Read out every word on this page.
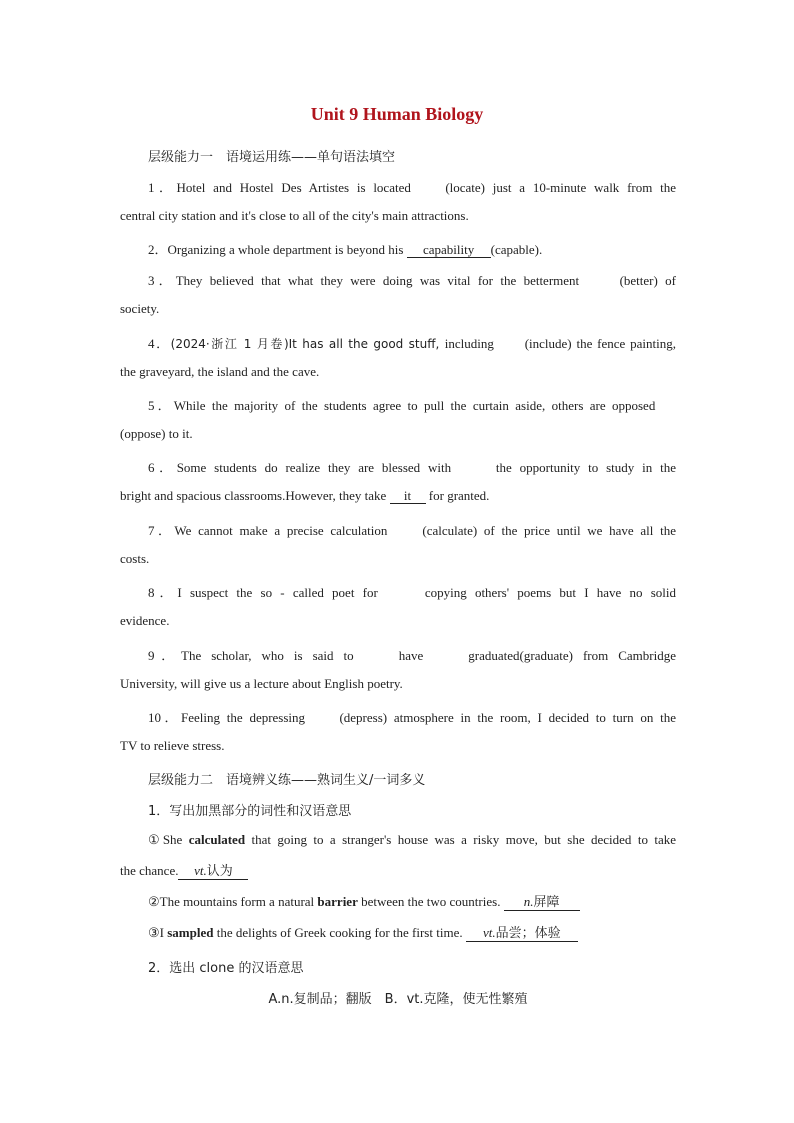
Unit 9 Human Biology
层级能力一　语境运用练——单句语法填空
1．Hotel and Hostel Des Artistes is located	(locate) just a 10-minute walk from the
central city station and it's close to all of the city's main attractions.
2．Organizing a whole department is beyond his capability (capable).
3．They believed that what they were doing was vital for the betterment	(better) of
society.
4．(2024·浙江 1 月卷)It has all the good stuff, including (include) the fence painting,
the graveyard, the island and the cave.
5．While the majority of the students agree to pull the curtain aside, others are opposed
(oppose) to it.
6．Some students do realize they are blessed with	the opportunity to study in the
bright and spacious classrooms.However, they take it for granted.
7．We cannot make a precise calculation	(calculate) of the price until we have all the
costs.
8．I suspect the so - called poet for	copying others' poems but I have no solid
evidence.
9．The scholar, who is said to　have　graduated(graduate) from Cambridge
University, will give us a lecture about English poetry.
10．Feeling the depressing	(depress) atmosphere in the room, I decided to turn on the
TV to relieve stress.
层级能力二　语境辨义练——熟词生义/一词多义
1．写出加黑部分的词性和汉语意思
①She calculated that going to a stranger's house was a risky move, but she decided to take
the chance. vt.认为
②The mountains form a natural barrier between the two countries. n.屏障
③I sampled the delights of Greek cooking for the first time. vt.品尝；体验
2．选出 clone 的汉语意思
A.n.复制品；翻版　B．vt.克隆，使无性繁殖
